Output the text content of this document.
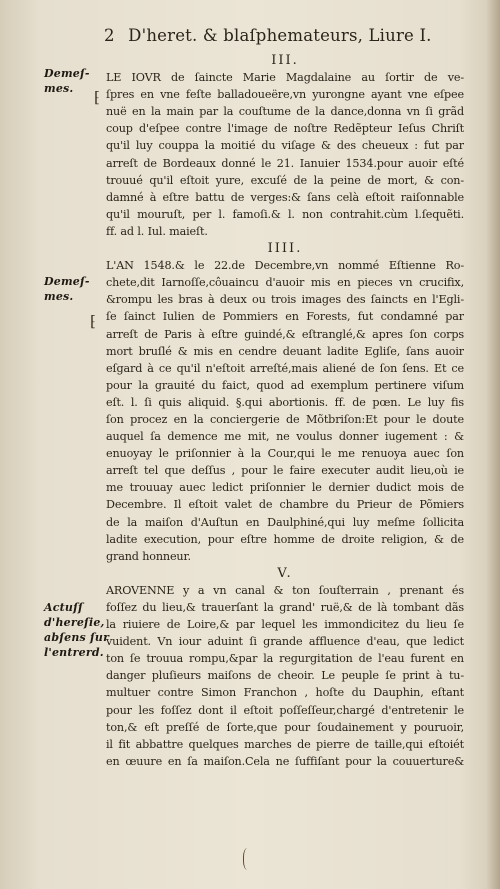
2 D'heret. & blaſphemateurs, Liure I.
Demeſ-
mes.	⁅
Demeſ-
mes.
⁅
Actuſſ
d'hereſie,
abſens ſur
l'entrerd.
III.
LE IOVR de ſaincte Marie Magdalaine au ſortir de ve-
ſpres en vne feſte balladoueëre,vn yurongne ayant vne eſpee
nuë en la main par la couſtume de la dance,donna vn ſi grãd
coup d'eſpee contre l'image de noſtre Redẽpteur Ieſus Chriſt
qu'il luy couppa la moitié du viſage & des cheueux : fut par
arreſt de Bordeaux donné le 21. Ianuier 1534.pour auoir eſté
trouué qu'il eſtoit yure, excuſé de la peine de mort, & con-
damné à eſtre battu de verges:& ſans celà eſtoit raiſonnable
qu'il mouruſt, per l. famoſi.& l. non contrahit.cùm l.ſequẽti.
ff. ad l. Iul. maieſt.
IIII.
L'AN 1548.& le 22.de Decembre,vn nommé Eſtienne Ro-
chete,dit Iarnoſſe,côuaincu d'auoir mis en pieces vn crucifix,
&rompu les bras à deux ou trois images des ſaincts en l'Egli-
ſe ſainct Iulien de Pommiers en Forests, fut condamné par
arreſt de Paris à eſtre guindé,& eſtranglé,& apres ſon corps
mort bruſlé & mis en cendre deuant ladite Egliſe, ſans auoir
eſgard à ce qu'il n'eſtoit arreſté,mais aliené de ſon ſens. Et ce
pour la grauité du faict, quod ad exemplum pertinere viſum
eſt. l. ſi quis aliquid. §.qui abortionis. ff. de pœn. Le luy fis
ſon procez en la conciergerie de Mõtbriſon:Et pour le doute
auquel ſa demence me mit, ne voulus donner iugement : &
enuoyay le priſonnier à la Cour,qui le me renuoya auec ſon
arreſt tel que deſſus , pour le faire executer audit lieu,où ie
me trouuay auec ledict priſonnier le dernier dudict mois de
Decembre. Il eſtoit valet de chambre du Prieur de Põmiers
de la maiſon d'Auſtun en Daulphiné,qui luy meſme ſollicita
ladite execution, pour eſtre homme de droite religion, & de
grand honneur.
V.
AROVENNE y a vn canal & ton ſouſterrain , prenant és
foſſez du lieu,& trauerſant la grand' ruë,& de là tombant dãs
la riuiere de Loire,& par lequel les immondicitez du lieu ſe
vuident. Vn iour aduint ſi grande affluence d'eau, que ledict
ton ſe trouua rompu,&par la regurgitation de l'eau furent en
danger pluſieurs maiſons de cheoir. Le peuple ſe print à tu-
multuer contre Simon Franchon , hoſte du Dauphin, eſtant
pour les foſſez dont il eſtoit poſſeſſeur,chargé d'entretenir le
ton,& eſt preſſé de ſorte,que pour ſoudainement y pouruoir,
il fit abbattre quelques marches de pierre de taille,qui eſtoiét
en œuure en ſa maiſon.Cela ne ſuffiſant pour la couuerture&
